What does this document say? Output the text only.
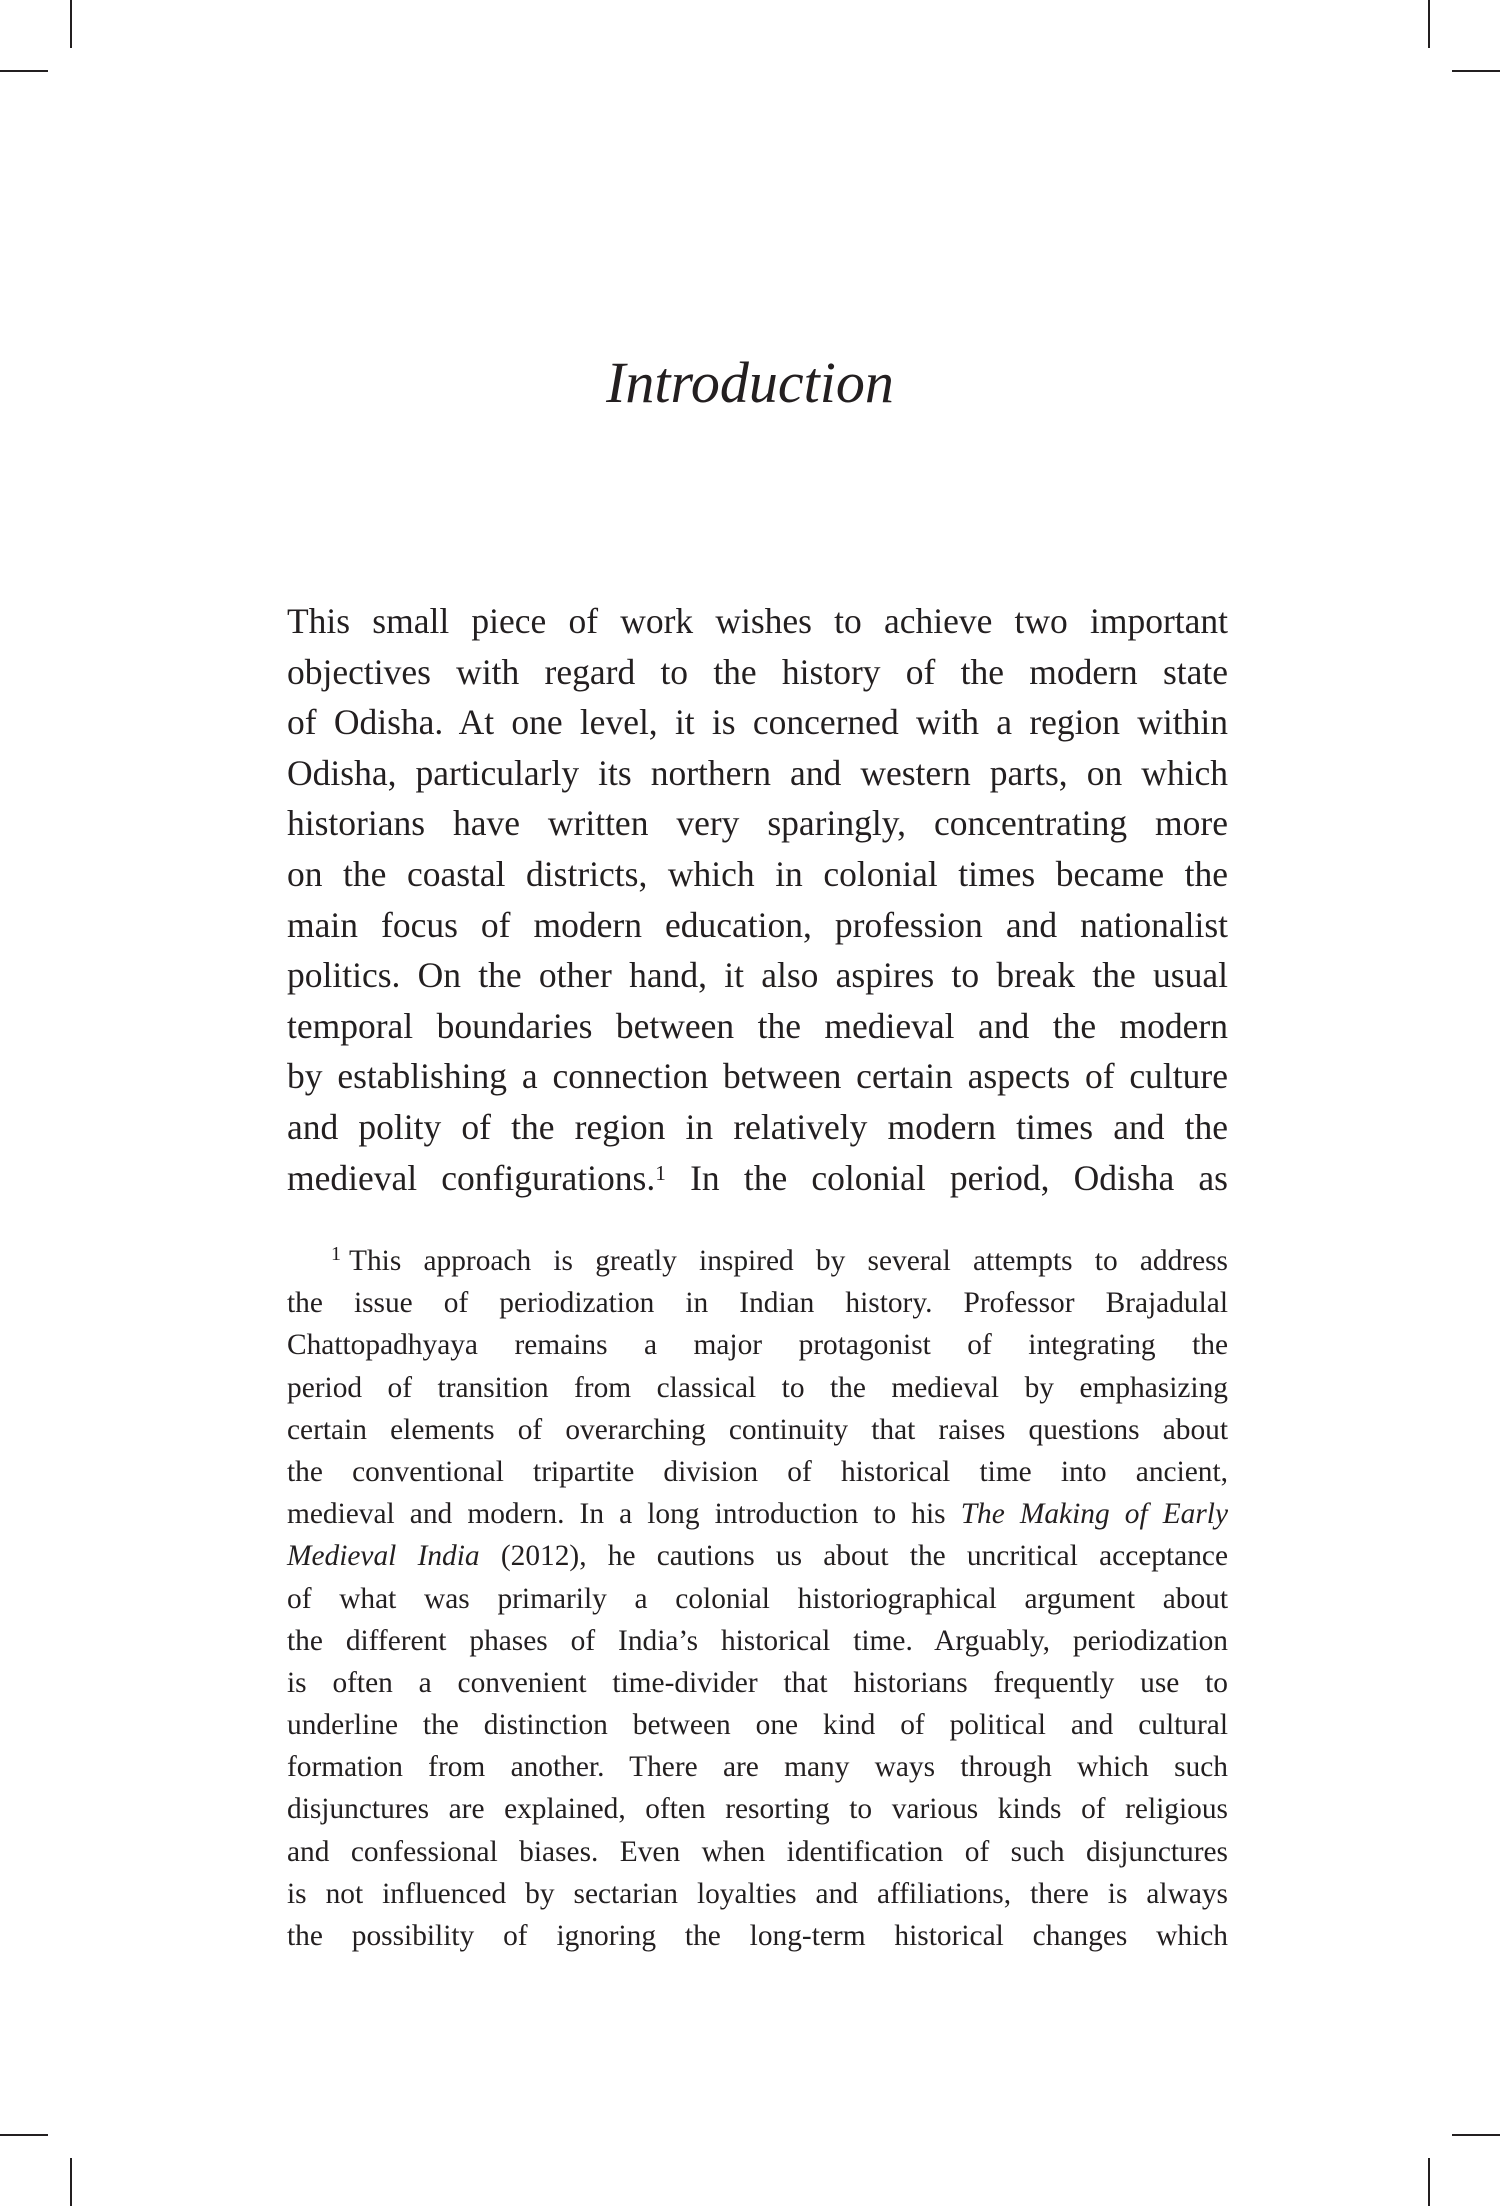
Introduction
This small piece of work wishes to achieve two important
objectives with regard to the history of the modern state
of Odisha. At one level, it is concerned with a region within
Odisha, particularly its northern and western parts, on which
historians have written very sparingly, concentrating more
on the coastal districts, which in colonial times became the
main focus of modern education, profession and nationalist
politics. On the other hand, it also aspires to break the usual
temporal boundaries between the medieval and the modern
by establishing a connection between certain aspects of culture
and polity of the region in relatively modern times and the
medieval configurations.$^1$ In the colonial period, Odisha as
$^1$ This approach is greatly inspired by several attempts to address
the issue of periodization in Indian history. Professor Brajadulal
Chattopadhyaya remains a major protagonist of integrating the
period of transition from classical to the medieval by emphasizing
certain elements of overarching continuity that raises questions about
the conventional tripartite division of historical time into ancient,
medieval and modern. In a long introduction to his The Making of Early
Medieval India (2012), he cautions us about the uncritical acceptance
of what was primarily a colonial historiographical argument about
the different phases of India’s historical time. Arguably, periodization
is often a convenient time-divider that historians frequently use to
underline the distinction between one kind of political and cultural
formation from another. There are many ways through which such
disjunctures are explained, often resorting to various kinds of religious
and confessional biases. Even when identification of such disjunctures
is not influenced by sectarian loyalties and affiliations, there is always
the possibility of ignoring the long-term historical changes which
